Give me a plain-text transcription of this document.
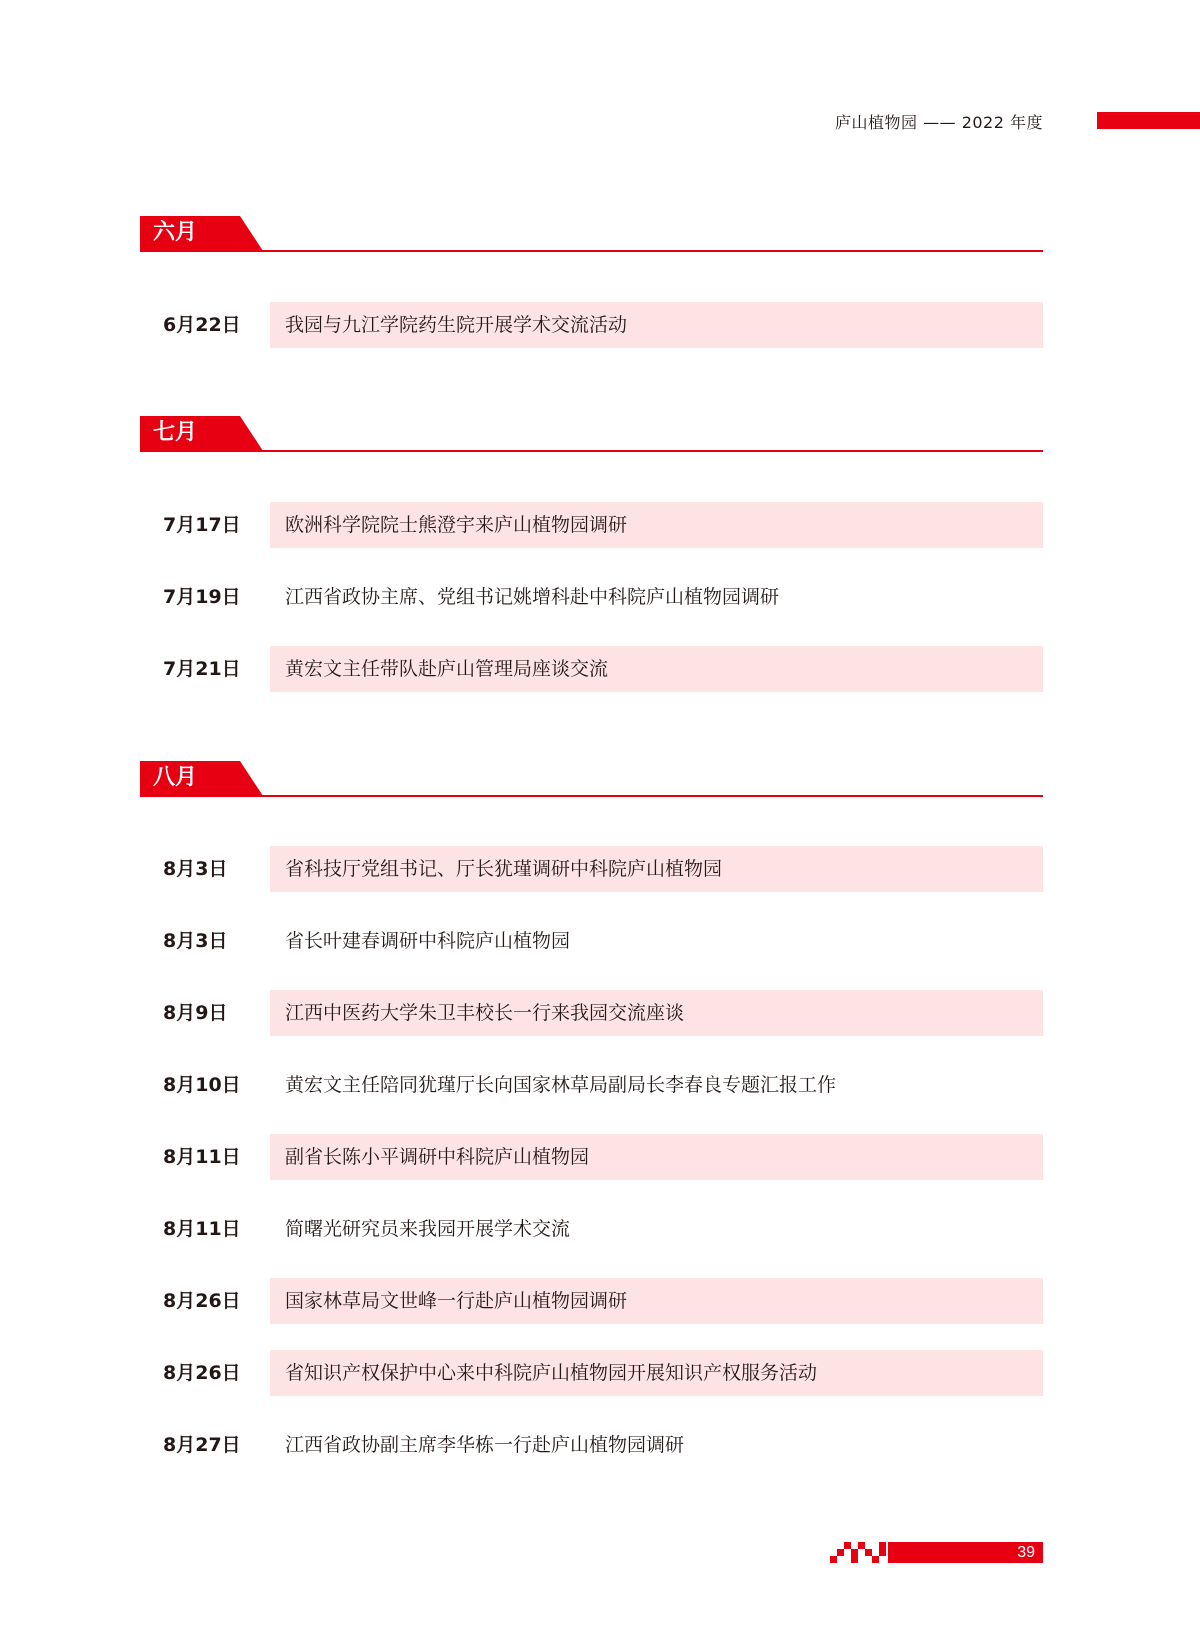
庐山植物园 —— 2022 年度
六月
6月22日 我园与九江学院药生院开展学术交流活动
七月
7月17日 欧洲科学院院士熊澄宇来庐山植物园调研
7月19日 江西省政协主席、党组书记姚增科赴中科院庐山植物园调研
7月21日 黄宏文主任带队赴庐山管理局座谈交流
八月
8月3日	省科技厅党组书记、厅长犹瑾调研中科院庐山植物园
8月3日	省长叶建春调研中科院庐山植物园
8月9日	江西中医药大学朱卫丰校长一行来我园交流座谈
8月10日 黄宏文主任陪同犹瑾厅长向国家林草局副局长李春良专题汇报工作
8月11日 副省长陈小平调研中科院庐山植物园
8月11日 简曙光研究员来我园开展学术交流
8月26日 国家林草局文世峰一行赴庐山植物园调研
8月26日 省知识产权保护中心来中科院庐山植物园开展知识产权服务活动
8月27日 江西省政协副主席李华栋一行赴庐山植物园调研
39
